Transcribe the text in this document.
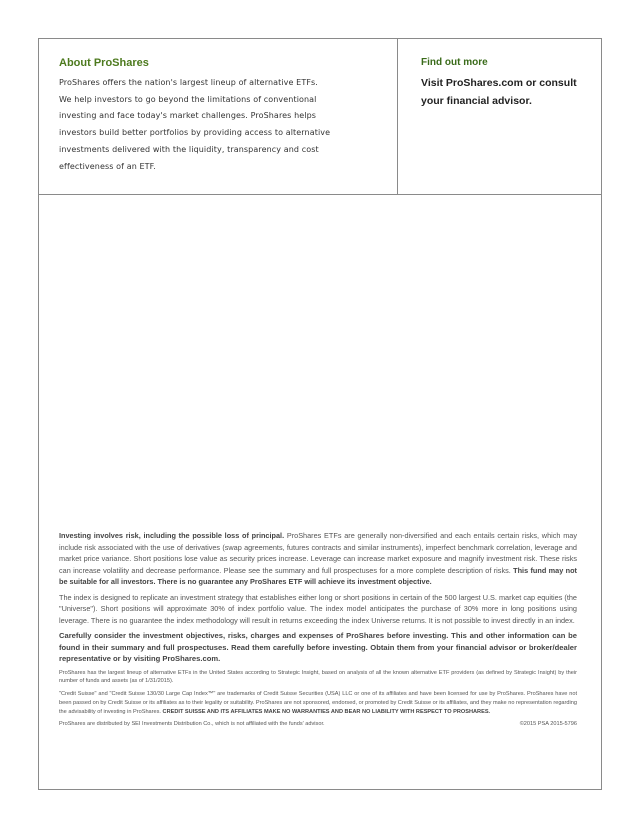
About ProShares

ProShares offers the nation's largest lineup of alternative ETFs.
We help investors to go beyond the limitations of conventional
investing and face today's market challenges. ProShares helps
investors build better portfolios by providing access to alternative
investments delivered with the liquidity, transparency and cost
effectiveness of an ETF.

Find out more

Visit ProShares.com or consult
your financial advisor.

Investing involves risk, including the possible loss of principal. ProShares ETFs are generally non-diversified and each entails certain risks, which may include risk associated with the use of derivatives (swap agreements, futures contracts and similar instruments), imperfect benchmark correlation, leverage and market price variance. Short positions lose value as security prices increase. Leverage can increase market exposure and magnify investment risk. These risks can increase volatility and decrease performance. Please see the summary and full prospectuses for a more complete description of risks. This fund may not be suitable for all investors. There is no guarantee any ProShares ETF will achieve its investment objective.

The index is designed to replicate an investment strategy that establishes either long or short positions in certain of the 500 largest U.S. market cap equities (the "Universe"). Short positions will approximate 30% of index portfolio value. The index model anticipates the purchase of 30% more in long positions using leverage. There is no guarantee the index methodology will result in returns exceeding the index Universe returns. It is not possible to invest directly in an index.

Carefully consider the investment objectives, risks, charges and expenses of ProShares before investing. This and other information can be found in their summary and full prospectuses. Read them carefully before investing. Obtain them from your financial advisor or broker/dealer representative or by visiting ProShares.com.

ProShares has the largest lineup of alternative ETFs in the United States according to Strategic Insight, based on analysis of all the known alternative ETF providers (as defined by Strategic Insight) by their number of funds and assets (as of 1/31/2015).

"Credit Suisse" and "Credit Suisse 130/30 Large Cap Index™" are trademarks of Credit Suisse Securities (USA) LLC or one of its affiliates and have been licensed for use by ProShares. ProShares have not been passed on by Credit Suisse or its affiliates as to their legality or suitability. ProShares are not sponsored, endorsed, or promoted by Credit Suisse or its affiliates, and they make no representation regarding the advisability of investing in ProShares. CREDIT SUISSE AND ITS AFFILIATES MAKE NO WARRANTIES AND BEAR NO LIABILITY WITH RESPECT TO PROSHARES.

ProShares are distributed by SEI Investments Distribution Co., which is not affiliated with the funds' advisor.	©2015 PSA 2015-5796
